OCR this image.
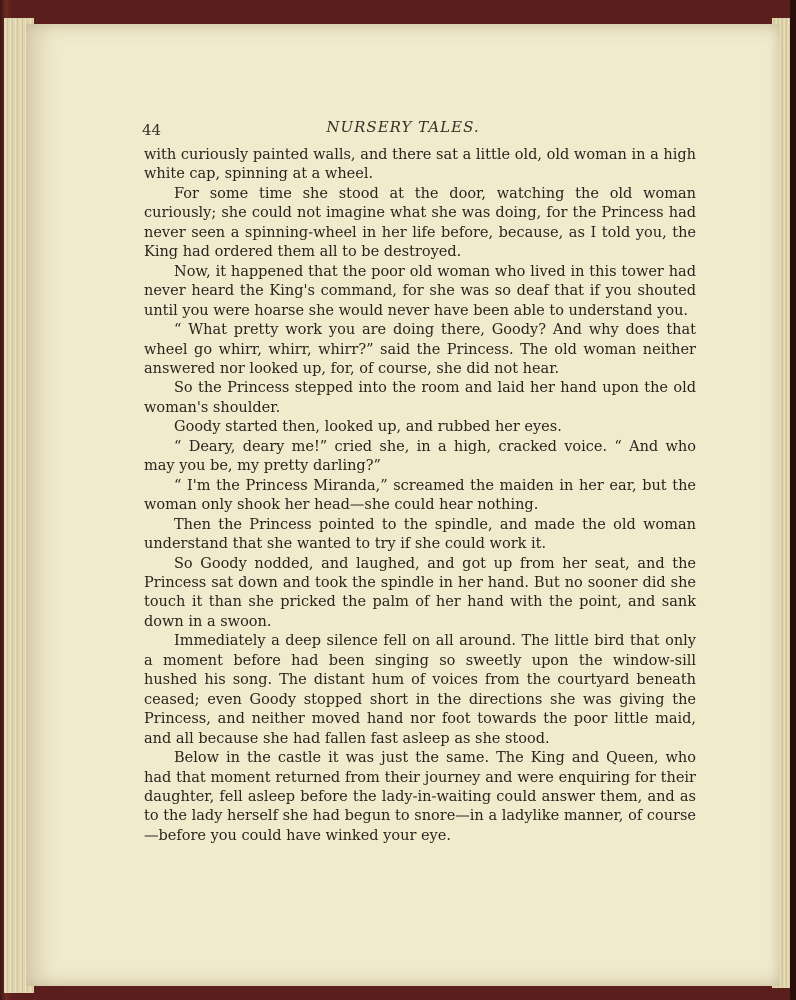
44	NURSERY TALES.

with curiously painted walls, and there sat a little old, old woman in a high white cap, spinning at a wheel.

For some time she stood at the door, watching the old woman curiously; she could not imagine what she was doing, for the Princess had never seen a spinning-wheel in her life before, because, as I told you, the King had ordered them all to be destroyed.

Now, it happened that the poor old woman who lived in this tower had never heard the King's command, for she was so deaf that if you shouted until you were hoarse she would never have been able to understand you.

“ What pretty work you are doing there, Goody? And why does that wheel go whirr, whirr, whirr?” said the Princess. The old woman neither answered nor looked up, for, of course, she did not hear.

So the Princess stepped into the room and laid her hand upon the old woman's shoulder.

Goody started then, looked up, and rubbed her eyes.

“ Deary, deary me!” cried she, in a high, cracked voice. “ And who may you be, my pretty darling?”

“ I'm the Princess Miranda,” screamed the maiden in her ear, but the woman only shook her head—she could hear nothing.

Then the Princess pointed to the spindle, and made the old woman understand that she wanted to try if she could work it.

So Goody nodded, and laughed, and got up from her seat, and the Princess sat down and took the spindle in her hand. But no sooner did she touch it than she pricked the palm of her hand with the point, and sank down in a swoon.

Immediately a deep silence fell on all around. The little bird that only a moment before had been singing so sweetly upon the window-sill hushed his song. The distant hum of voices from the courtyard beneath ceased; even Goody stopped short in the directions she was giving the Princess, and neither moved hand nor foot towards the poor little maid, and all because she had fallen fast asleep as she stood.

Below in the castle it was just the same. The King and Queen, who had that moment returned from their journey and were enquiring for their daughter, fell asleep before the lady-in-waiting could answer them, and as to the lady herself she had begun to snore—in a ladylike manner, of course—before you could have winked your eye.
